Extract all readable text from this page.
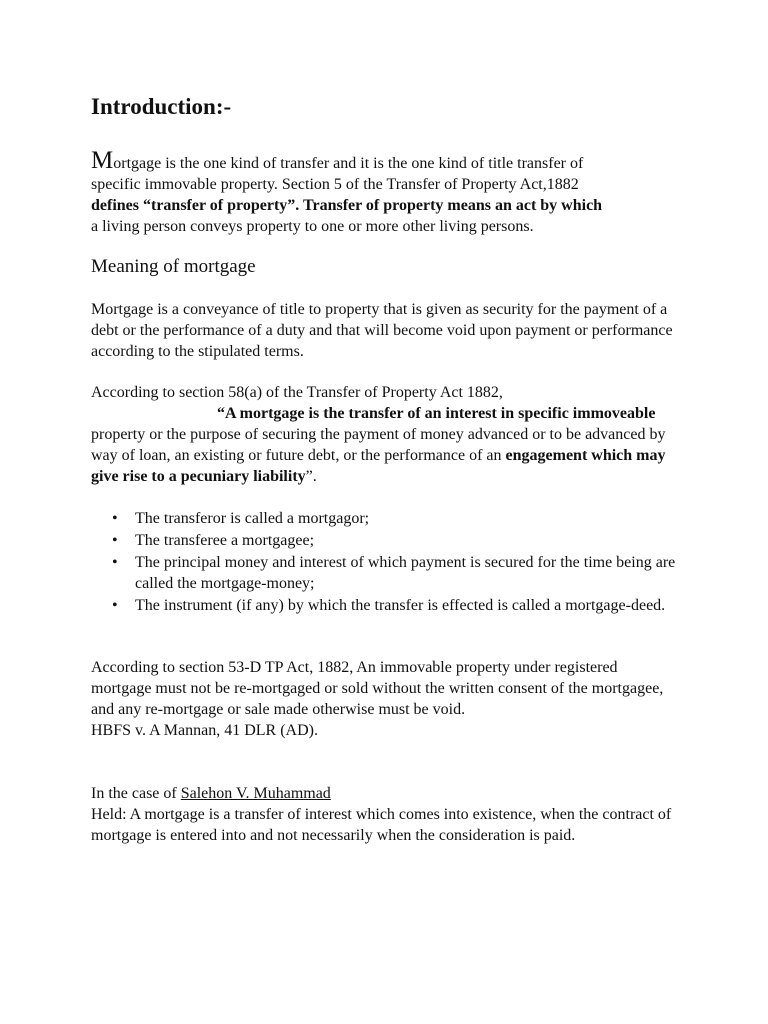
Introduction:-
Mortgage is the one kind of transfer and it is the one kind of title transfer of
specific immovable property. Section 5 of the Transfer of Property Act,1882
defines “transfer of property”. Transfer of property means an act by which
a living person conveys property to one or more other living persons.
Meaning of mortgage
Mortgage is a conveyance of title to property that is given as security for the payment of a debt or the performance of a duty and that will become void upon payment or performance according to the stipulated terms.
According to section 58(a) of the Transfer of Property Act 1882,
“A mortgage is the transfer of an interest in specific immoveable
property or the purpose of securing the payment of money advanced or to be advanced by way of loan, an existing or future debt, or the performance of an engagement which may give rise to a pecuniary liability”.
• The transferor is called a mortgagor;
• The transferee a mortgagee;
• The principal money and interest of which payment is secured for the time being are called the mortgage-money;
• The instrument (if any) by which the transfer is effected is called a mortgage-deed.
According to section 53-D TP Act, 1882, An immovable property under registered mortgage must not be re-mortgaged or sold without the written consent of the mortgagee, and any re-mortgage or sale made otherwise must be void.
HBFS v. A Mannan, 41 DLR (AD).
In the case of Salehon V. Muhammad
Held: A mortgage is a transfer of interest which comes into existence, when the contract of mortgage is entered into and not necessarily when the consideration is paid.
